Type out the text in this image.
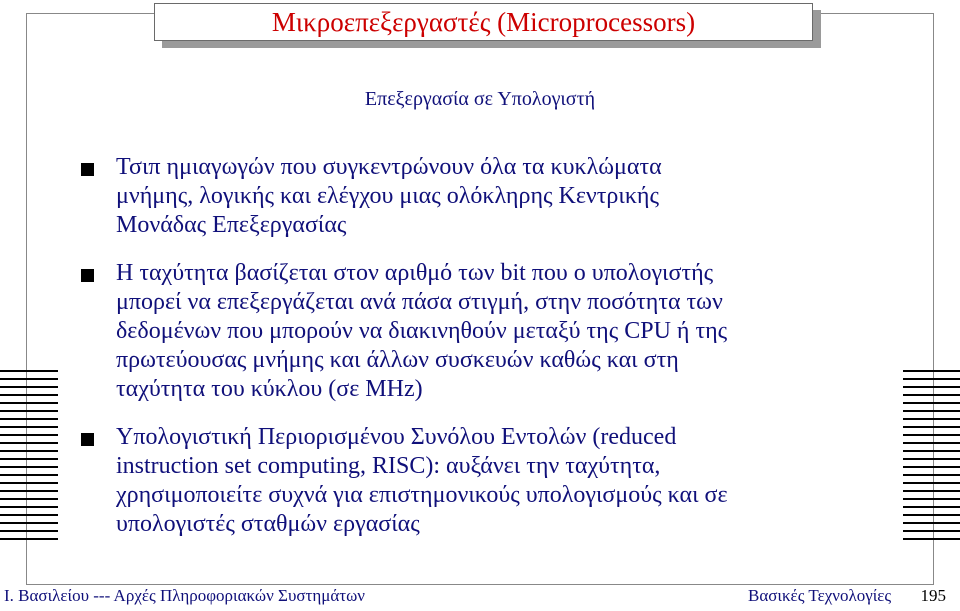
Μικροεπεξεργαστές (Microprocessors)
Επεξεργασία σε Υπολογιστή
Τσιπ ημιαγωγών που συγκεντρώνουν όλα τα κυκλώματα
μνήμης, λογικής και ελέγχου μιας ολόκληρης Κεντρικής
Μονάδας Επεξεργασίας
Η ταχύτητα βασίζεται στον αριθμό των bit που ο υπολογιστής
μπορεί να επεξεργάζεται ανά πάσα στιγμή, στην ποσότητα των
δεδομένων που μπορούν να διακινηθούν μεταξύ της CPU ή της
πρωτεύουσας μνήμης και άλλων συσκευών καθώς και στη
ταχύτητα του κύκλου (σε MHz)
Υπολογιστική Περιορισμένου Συνόλου Εντολών (reduced
instruction set computing, RISC): αυξάνει την ταχύτητα,
χρησιμοποιείτε συχνά για επιστημονικούς υπολογισμούς και σε
υπολογιστές σταθμών εργασίας
Ι. Βασιλείου --- Αρχές Πληροφοριακών Συστημάτων	Βασικές Τεχνολογίες	195
